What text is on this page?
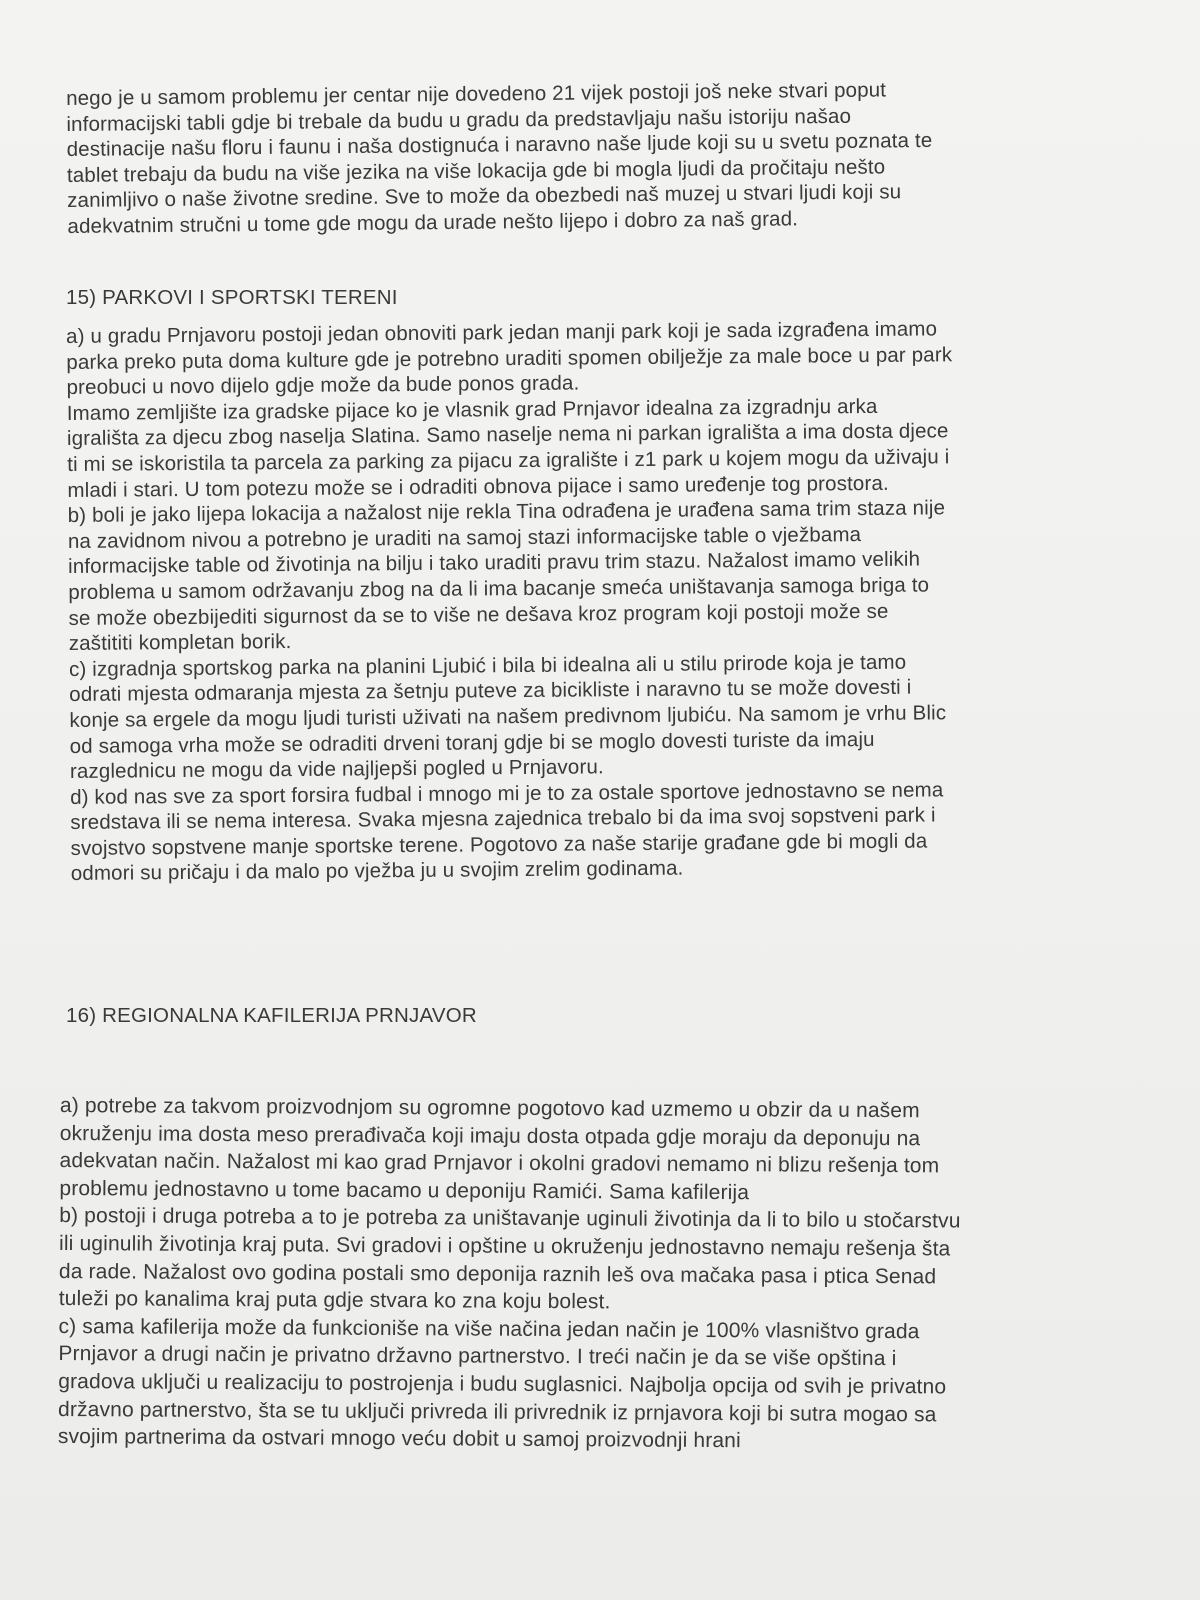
nego je u samom problemu jer centar nije dovedeno 21 vijek postoji još neke stvari poput
informacijski tabli gdje bi trebale da budu u gradu da predstavljaju našu istoriju našao
destinacije našu floru i faunu i naša dostignuća i naravno naše ljude koji su u svetu poznata te
tablet trebaju da budu na više jezika na više lokacija gde bi mogla ljudi da pročitaju nešto
zanimljivo o naše životne sredine. Sve to može da obezbedi naš muzej u stvari ljudi koji su
adekvatnim stručni u tome gde mogu da urade nešto lijepo i dobro za naš grad.
15) PARKOVI I SPORTSKI TERENI
a) u gradu Prnjavoru postoji jedan obnoviti park jedan manji park koji je sada izgrađena imamo
parka preko puta doma kulture gde je potrebno uraditi spomen obilježje za male boce u par park
preobuci u novo dijelo gdje može da bude ponos grada.
Imamo zemljište iza gradske pijace ko je vlasnik grad Prnjavor idealna za izgradnju arka
igrališta za djecu zbog naselja Slatina. Samo naselje nema ni parkan igrališta a ima dosta djece
ti mi se iskoristila ta parcela za parking za pijacu za igralište i z1 park u kojem mogu da uživaju i
mladi i stari. U tom potezu može se i odraditi obnova pijace i samo uređenje tog prostora.
b) boli je jako lijepa lokacija a nažalost nije rekla Tina odrađena je urađena sama trim staza nije
na zavidnom nivou a potrebno je uraditi na samoj stazi informacijske table o vježbama
informacijske table od životinja na bilju i tako uraditi pravu trim stazu. Nažalost imamo velikih
problema u samom održavanju zbog na da li ima bacanje smeća uništavanja samoga briga to
se može obezbijediti sigurnost da se to više ne dešava kroz program koji postoji može se
zaštititi kompletan borik.
c) izgradnja sportskog parka na planini Ljubić i bila bi idealna ali u stilu prirode koja je tamo
odrati mjesta odmaranja mjesta za šetnju puteve za bicikliste i naravno tu se može dovesti i
konje sa ergele da mogu ljudi turisti uživati na našem predivnom ljubiću. Na samom je vrhu Blic
od samoga vrha može se odraditi drveni toranj gdje bi se moglo dovesti turiste da imaju
razglednicu ne mogu da vide najljepši pogled u Prnjavoru.
d) kod nas sve za sport forsira fudbal i mnogo mi je to za ostale sportove jednostavno se nema
sredstava ili se nema interesa. Svaka mjesna zajednica trebalo bi da ima svoj sopstveni park i
svojstvo sopstvene manje sportske terene. Pogotovo za naše starije građane gde bi mogli da
odmori su pričaju i da malo po vježba ju u svojim zrelim godinama.
16) REGIONALNA KAFILERIJA PRNJAVOR
a) potrebe za takvom proizvodnjom su ogromne pogotovo kad uzmemo u obzir da u našem
okruženju ima dosta meso prerađivača koji imaju dosta otpada gdje moraju da deponuju na
adekvatan način. Nažalost mi kao grad Prnjavor i okolni gradovi nemamo ni blizu rešenja tom
problemu jednostavno u tome bacamo u deponiju Ramići. Sama kafilerija
b) postoji i druga potreba a to je potreba za uništavanje uginuli životinja da li to bilo u stočarstvu
ili uginulih životinja kraj puta. Svi gradovi i opštine u okruženju jednostavno nemaju rešenja šta
da rade. Nažalost ovo godina postali smo deponija raznih leš ova mačaka pasa i ptica Senad
tuleži po kanalima kraj puta gdje stvara ko zna koju bolest.
c) sama kafilerija može da funkcioniše na više načina jedan način je 100% vlasništvo grada
Prnjavor a drugi način je privatno državno partnerstvo. I treći način je da se više opština i
gradova uključi u realizaciju to postrojenja i budu suglasnici. Najbolja opcija od svih je privatno
državno partnerstvo, šta se tu uključi privreda ili privrednik iz prnjavora koji bi sutra mogao sa
svojim partnerima da ostvari mnogo veću dobit u samoj proizvodnji hrani
